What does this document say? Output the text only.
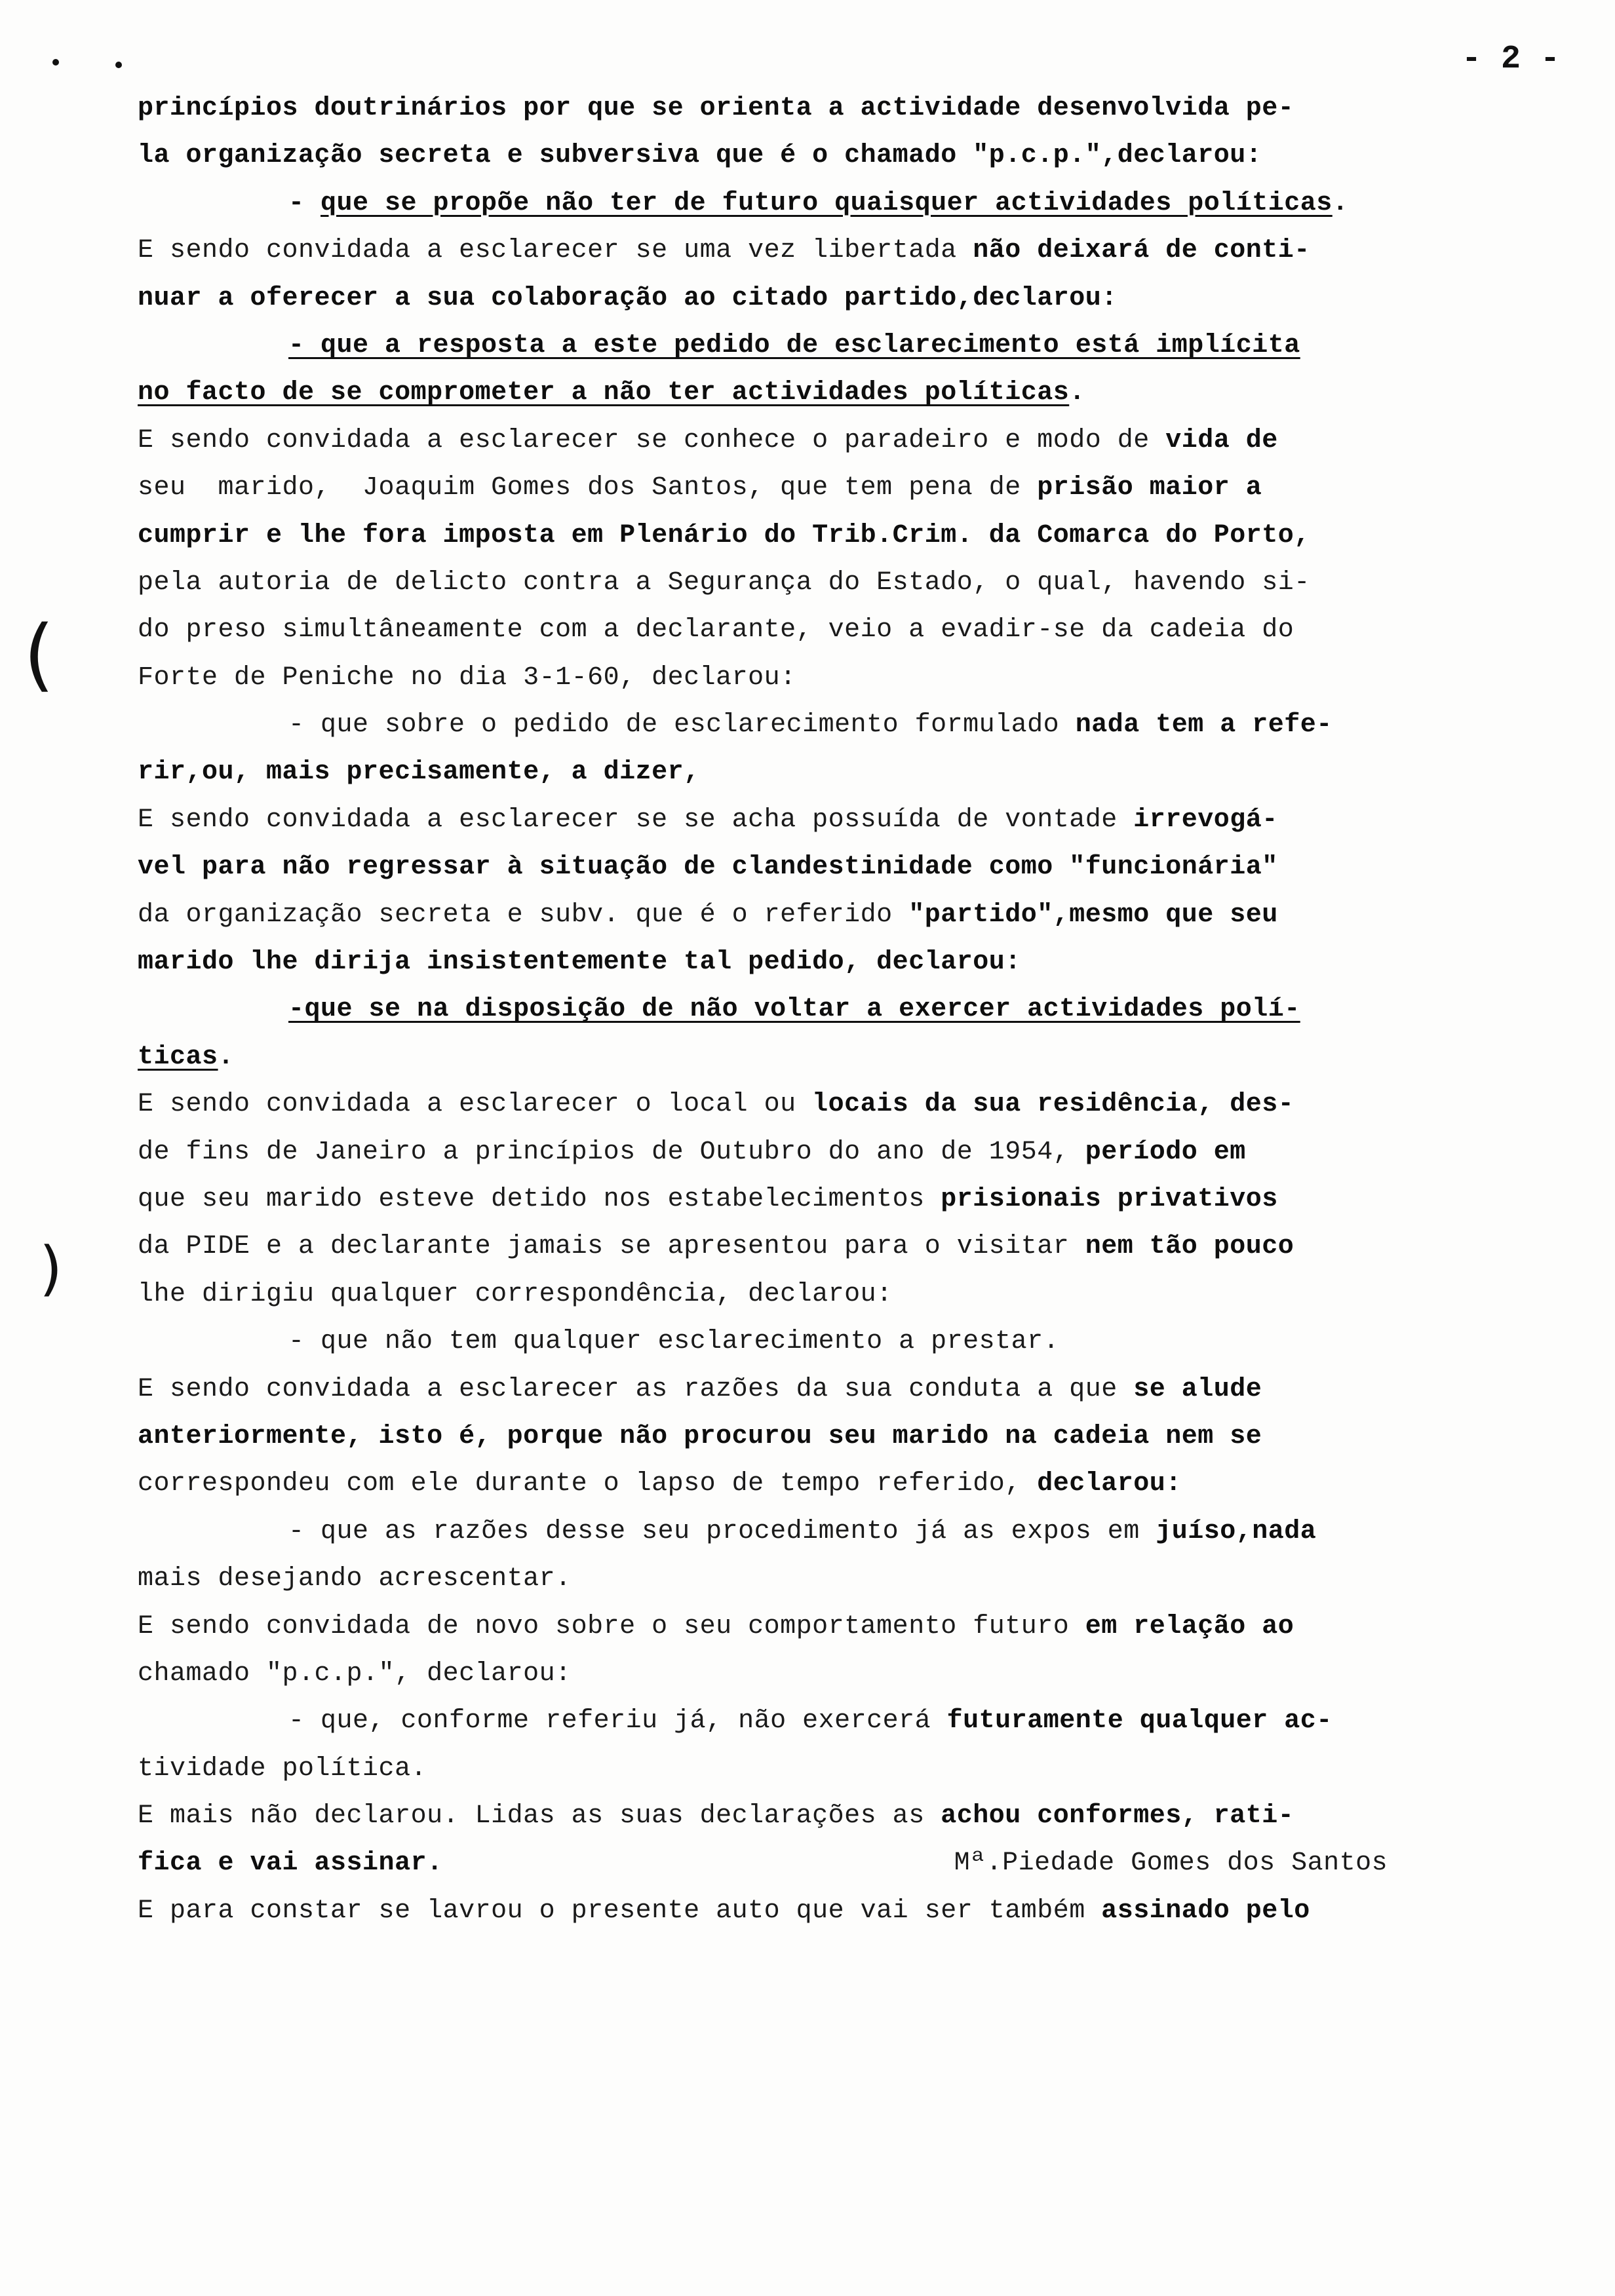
(
(
- 2 -
princípios doutrinários por que se orienta a actividade desenvolvida pe-
la organização secreta e subversiva que é o chamado "p.c.p.",declarou:
- que se propõe não ter de futuro quaisquer actividades políticas.
E sendo convidada a esclarecer se uma vez libertada não deixará de conti-
nuar a oferecer a sua colaboração ao citado partido,declarou:
- que a resposta a este pedido de esclarecimento está implícita
no facto de se comprometer a não ter actividades políticas.
E sendo convidada a esclarecer se conhece o paradeiro e modo de vida de
seu  marido,  Joaquim Gomes dos Santos, que tem pena de prisão maior a
cumprir e lhe fora imposta em Plenário do Trib.Crim. da Comarca do Porto,
pela autoria de delicto contra a Segurança do Estado, o qual, havendo si-
do preso simultâneamente com a declarante, veio a evadir-se da cadeia do
Forte de Peniche no dia 3-1-60, declarou:
- que sobre o pedido de esclarecimento formulado nada tem a refe-
rir,ou, mais precisamente, a dizer,
E sendo convidada a esclarecer se se acha possuída de vontade irrevogá-
vel para não regressar à situação de clandestinidade como "funcionária"
da organização secreta e subv. que é o referido "partido",mesmo que seu
marido lhe dirija insistentemente tal pedido, declarou:
-que se na disposição de não voltar a exercer actividades polí-
ticas.
E sendo convidada a esclarecer o local ou locais da sua residência, des-
de fins de Janeiro a princípios de Outubro do ano de 1954, período em
que seu marido esteve detido nos estabelecimentos prisionais privativos
da PIDE e a declarante jamais se apresentou para o visitar nem tão pouco
lhe dirigiu qualquer correspondência, declarou:
- que não tem qualquer esclarecimento a prestar.
E sendo convidada a esclarecer as razões da sua conduta a que se alude
anteriormente, isto é, porque não procurou seu marido na cadeia nem se
correspondeu com ele durante o lapso de tempo referido, declarou:
- que as razões desse seu procedimento já as expos em juíso,nada
mais desejando acrescentar.
E sendo convidada de novo sobre o seu comportamento futuro em relação ao
chamado "p.c.p.", declarou:
- que, conforme referiu já, não exercerá futuramente qualquer ac-
tividade política.
E mais não declarou. Lidas as suas declarações as achou conformes, rati-
fica e vai assinar.	Mª.Piedade Gomes dos Santos
E para constar se lavrou o presente auto que vai ser também assinado pelo
